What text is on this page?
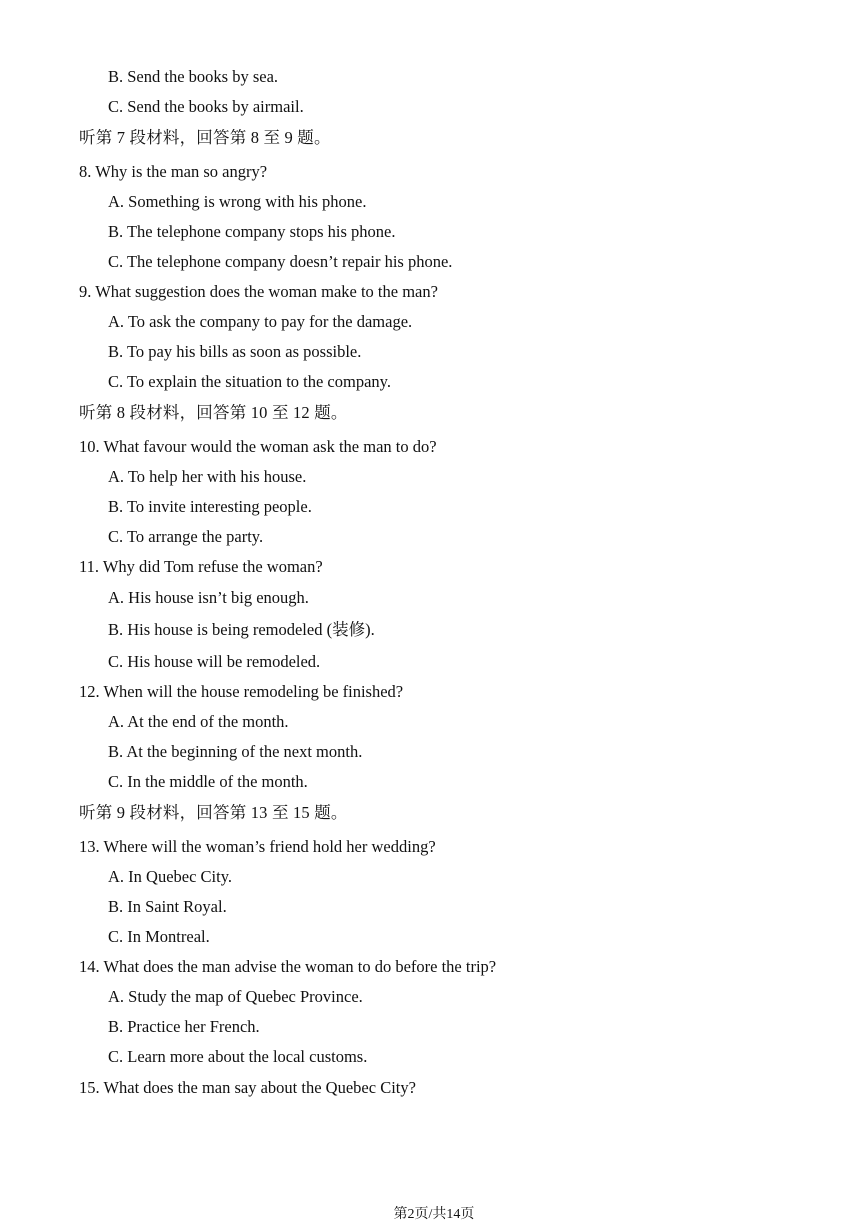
B. Send the books by sea.
C. Send the books by airmail.
听第 7 段材料，回答第 8 至 9 题。
8. Why is the man so angry?
A. Something is wrong with his phone.
B. The telephone company stops his phone.
C. The telephone company doesn’t repair his phone.
9. What suggestion does the woman make to the man?
A. To ask the company to pay for the damage.
B. To pay his bills as soon as possible.
C. To explain the situation to the company.
听第 8 段材料，回答第 10 至 12 题。
10. What favour would the woman ask the man to do?
A. To help her with his house.
B. To invite interesting people.
C. To arrange the party.
11. Why did Tom refuse the woman?
A. His house isn’t big enough.
B. His house is being remodeled (装修).
C. His house will be remodeled.
12. When will the house remodeling be finished?
A. At the end of the month.
B. At the beginning of the next month.
C. In the middle of the month.
听第 9 段材料，回答第 13 至 15 题。
13. Where will the woman’s friend hold her wedding?
A. In Quebec City.
B. In Saint Royal.
C. In Montreal.
14. What does the man advise the woman to do before the trip?
A. Study the map of Quebec Province.
B. Practice her French.
C. Learn more about the local customs.
15. What does the man say about the Quebec City?
第2页/共14页
